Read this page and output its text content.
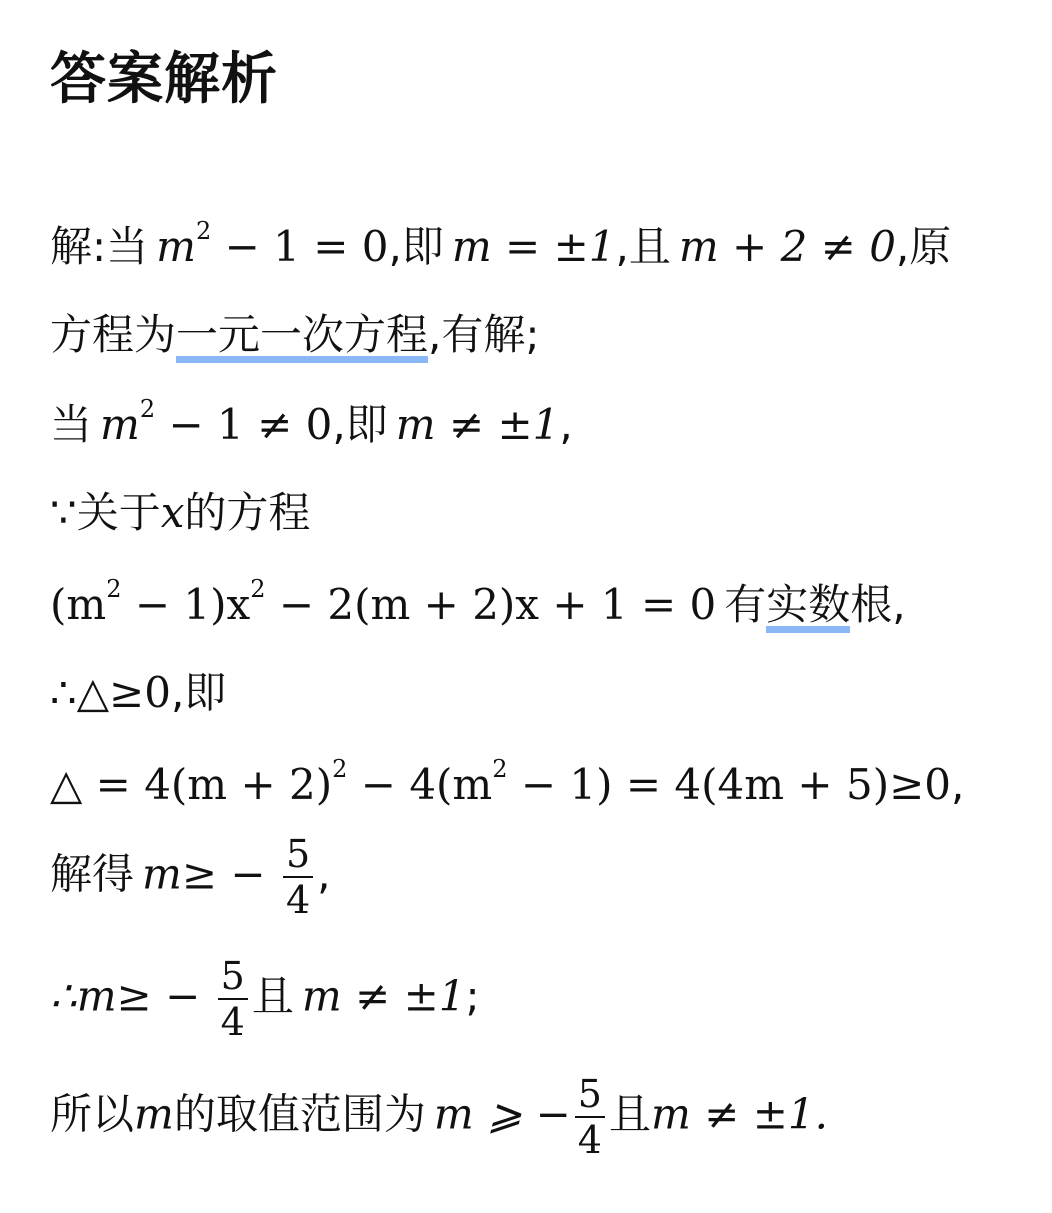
答案解析
解:当 $m^2 - 1 = 0$,即 m = ±1,且 m + 2 ≠ 0,原
方程为一元一次方程,有解;
当 $m^2 - 1 \ne 0$,即 m ≠ ±1,
∵关于x的方程
$(m^2 - 1)x^2 - 2(m + 2)x + 1 = 0$ 有实数根,
∴△≥0,即
△ = $4(m + 2)^2 - 4(m^2 - 1) = 4(4m + 5)\ge 0$,
解得 $m\ge - \frac{5}{4}$ ,
∴m≥ − $\frac{5}{4}$ 且 m ≠ ±1;
所以m的取值范围为 m ⩾ − $\frac{5}{4}$ 且m ≠ ±1.
